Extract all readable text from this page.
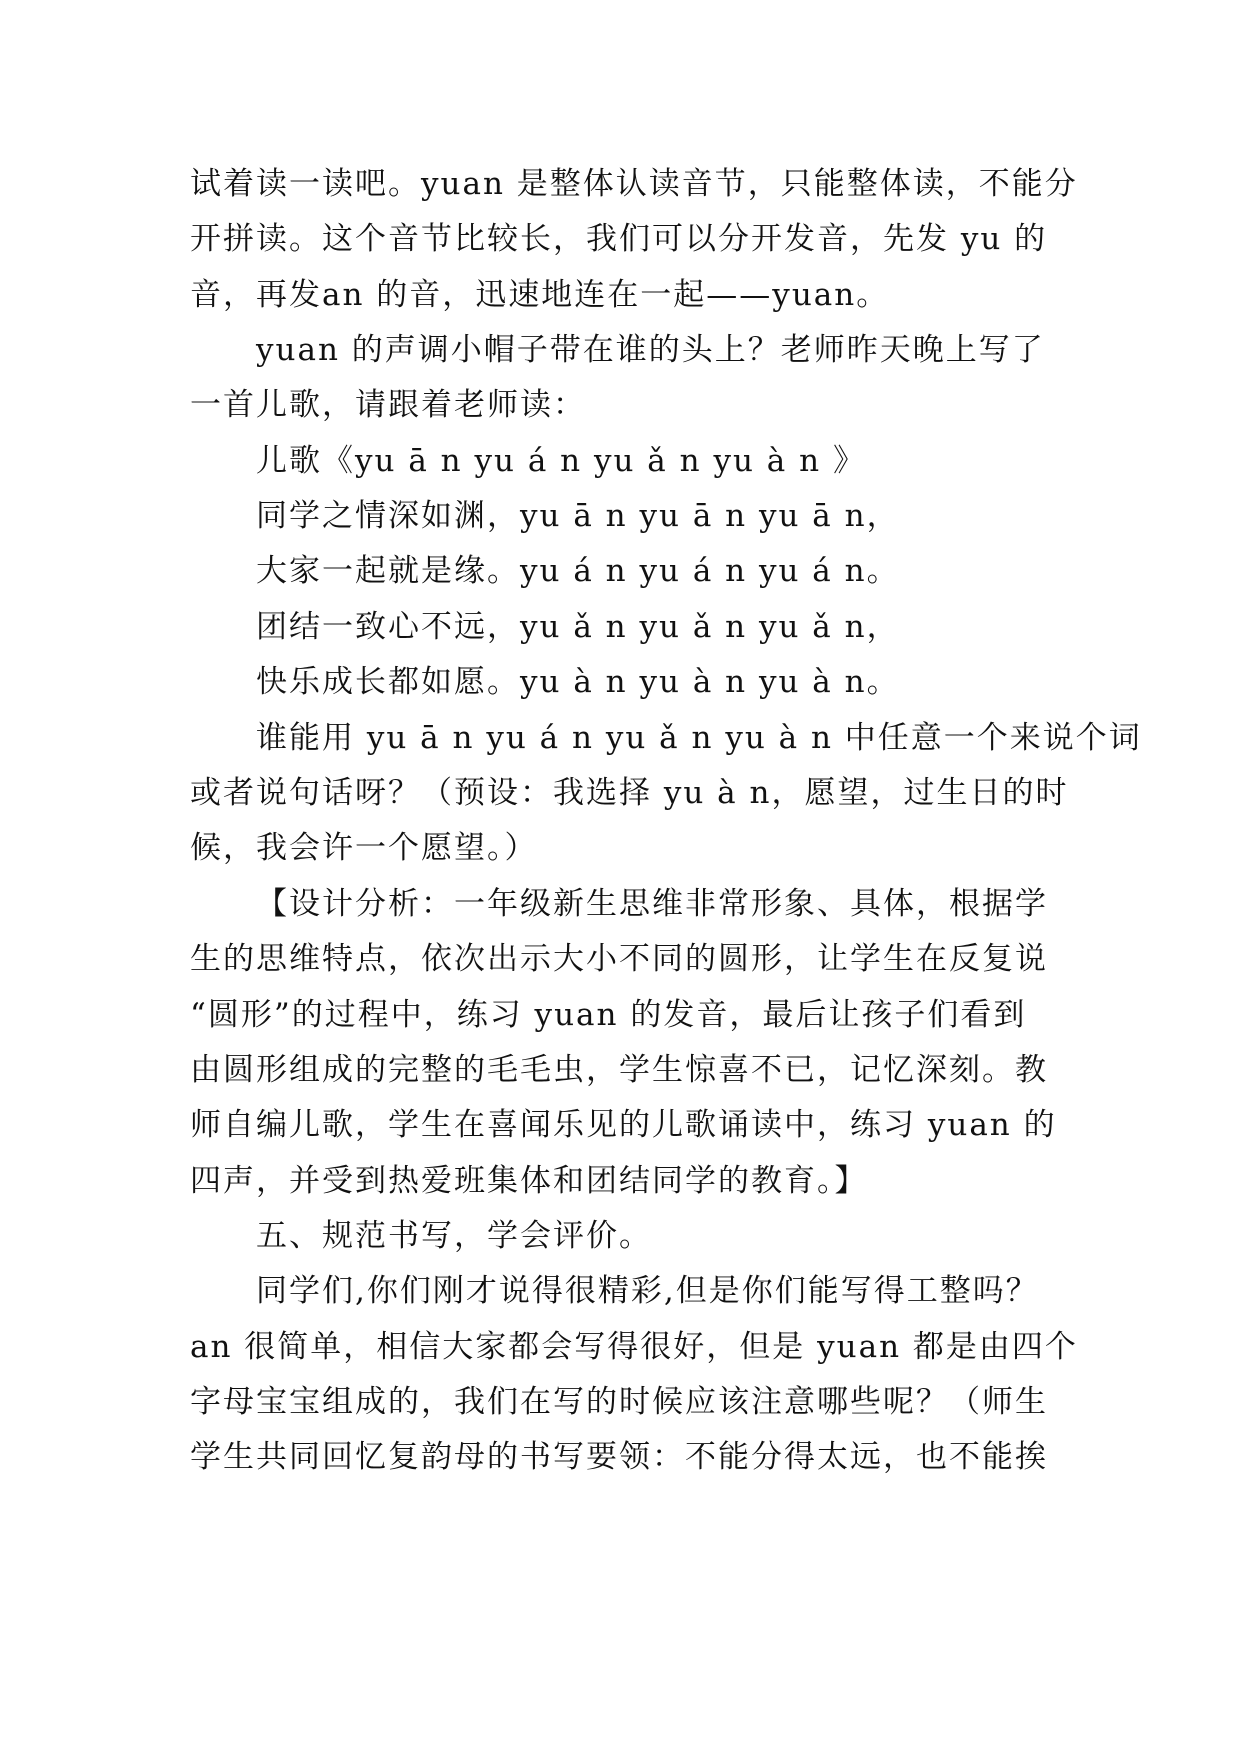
试着读一读吧。yuan 是整体认读音节，只能整体读，不能分
开拼读。这个音节比较长，我们可以分开发音，先发 yu 的
音，再发an 的音，迅速地连在一起——yuan。
yuan 的声调小帽子带在谁的头上？老师昨天晚上写了
一首儿歌，请跟着老师读：
儿歌《yu ā n yu á n yu ǎ n yu à n 》
同学之情深如渊，yu ā n yu ā n yu ā n，
大家一起就是缘。yu á n yu á n yu á n。
团结一致心不远，yu ǎ n yu ǎ n yu ǎ n，
快乐成长都如愿。yu à n yu à n yu à n。
谁能用 yu ā n yu á n yu ǎ n yu à n 中任意一个来说个词
或者说句话呀？（预设：我选择 yu à n，愿望，过生日的时
候，我会许一个愿望。）
【设计分析：一年级新生思维非常形象、具体，根据学
生的思维特点，依次出示大小不同的圆形，让学生在反复说
“圆形”的过程中，练习 yuan 的发音，最后让孩子们看到
由圆形组成的完整的毛毛虫，学生惊喜不已，记忆深刻。教
师自编儿歌，学生在喜闻乐见的儿歌诵读中，练习 yuan 的
四声，并受到热爱班集体和团结同学的教育。】
五、规范书写，学会评价。
同学们,你们刚才说得很精彩,但是你们能写得工整吗？
an 很简单，相信大家都会写得很好，但是 yuan 都是由四个
字母宝宝组成的，我们在写的时候应该注意哪些呢？（师生
学生共同回忆复韵母的书写要领：不能分得太远，也不能挨
